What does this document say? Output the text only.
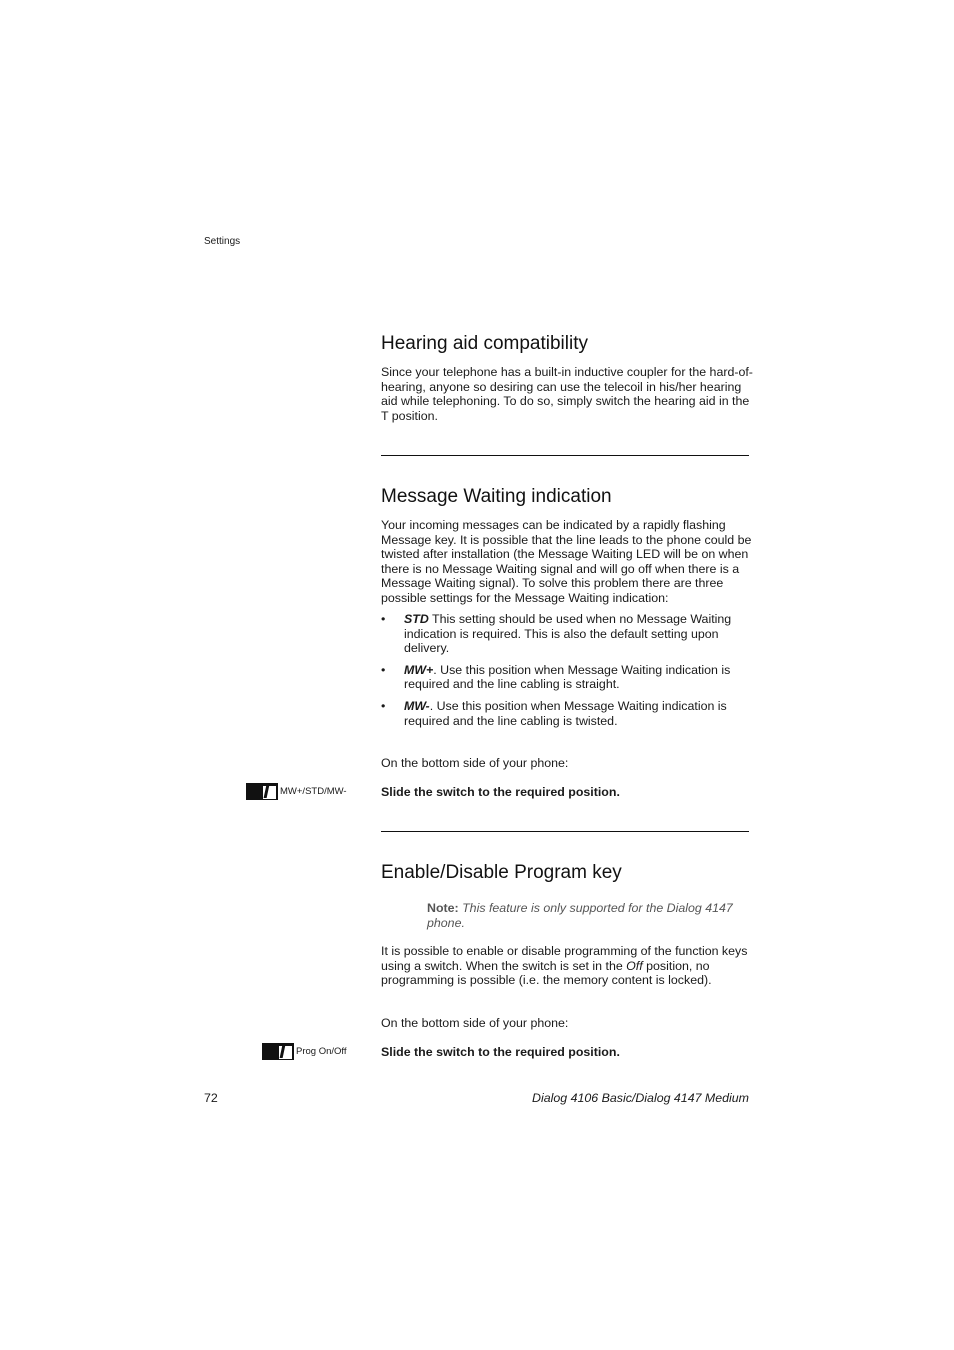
Settings
Hearing aid compatibility

Since your telephone has a built-in inductive coupler for the hard-of-hearing, anyone so desiring can use the telecoil in his/her hearing aid while telephoning. To do so, simply switch the hearing aid in the T position.

Message Waiting indication

Your incoming messages can be indicated by a rapidly flashing Message key. It is possible that the line leads to the phone could be twisted after installation (the Message Waiting LED will be on when there is no Message Waiting signal and will go off when there is a Message Waiting signal). To solve this problem there are three possible settings for the Message Waiting indication:

• STD This setting should be used when no Message Waiting indication is required. This is also the default setting upon delivery.
• MW+. Use this position when Message Waiting indication is required and the line cabling is straight.
• MW-. Use this position when Message Waiting indication is required and the line cabling is twisted.
On the bottom side of your phone:
MW+/STD/MW-	Slide the switch to the required position.
Enable/Disable Program key
Note: This feature is only supported for the Dialog 4147 phone.

It is possible to enable or disable programming of the function keys using a switch. When the switch is set in the Off position, no programming is possible (i.e. the memory content is locked).

On the bottom side of your phone:
Prog On/Off	Slide the switch to the required position.
72	Dialog 4106 Basic/Dialog 4147 Medium
